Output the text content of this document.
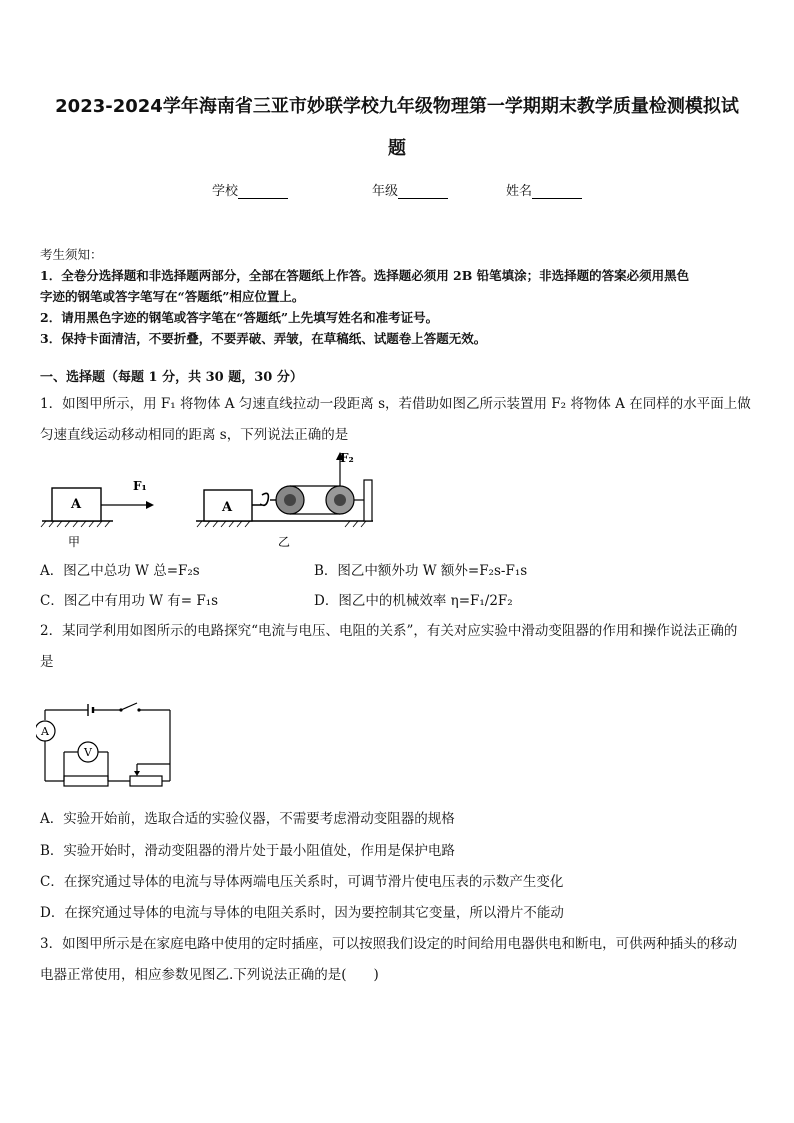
2023-2024学年海南省三亚市妙联学校九年级物理第一学期期末教学质量检测模拟试
题
学校	年级	姓名
考生须知：
1．全卷分选择题和非选择题两部分，全部在答题纸上作答。选择题必须用 2B 铅笔填涂；非选择题的答案必须用黑色
字迹的钢笔或答字笔写在“答题纸”相应位置上。
2．请用黑色字迹的钢笔或答字笔在“答题纸”上先填写姓名和准考证号。
3．保持卡面清洁，不要折叠，不要弄破、弄皱，在草稿纸、试题卷上答题无效。
一、选择题（每题 1 分，共 30 题，30 分）
1．如图甲所示，用 F₁ 将物体 A 匀速直线拉动一段距离 s，若借助如图乙所示装置用 F₂ 将物体 A 在同样的水平面上做
匀速直线运动移动相同的距离 s，下列说法正确的是
A
F₁
甲
A
F₂
乙
A．图乙中总功 W 总=F₂s	B．图乙中额外功 W 额外=F₂s-F₁s
C．图乙中有用功 W 有= F₁s	D．图乙中的机械效率 η=F₁/2F₂
2．某同学利用如图所示的电路探究“电流与电压、电阻的关系”，有关对应实验中滑动变阻器的作用和操作说法正确的
是
A
V
A．实验开始前，选取合适的实验仪器，不需要考虑滑动变阻器的规格
B．实验开始时，滑动变阻器的滑片处于最小阻值处，作用是保护电路
C．在探究通过导体的电流与导体两端电压关系时，可调节滑片使电压表的示数产生变化
D．在探究通过导体的电流与导体的电阻关系时，因为要控制其它变量，所以滑片不能动
3．如图甲所示是在家庭电路中使用的定时插座，可以按照我们设定的时间给用电器供电和断电，可供两种插头的移动
电器正常使用，相应参数见图乙.下列说法正确的是(　　)
